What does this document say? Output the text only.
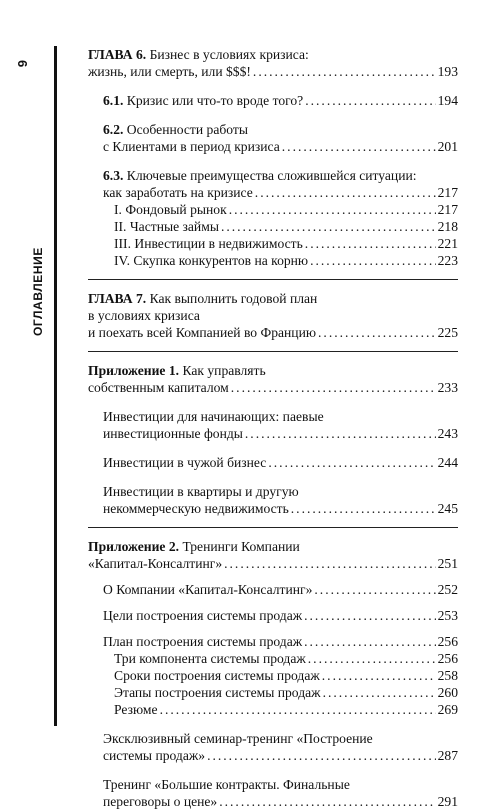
6
ОГЛАВЛЕНИЕ
ГЛАВА 6. Бизнес в условиях кризиса:
жизнь, или смерть, или $$$! .....	193
6.1. Кризис или что-то вроде того? .....	194
6.2. Особенности работы
с Клиентами в период кризиса .....	201
6.3. Ключевые преимущества сложившейся ситуации:
как заработать на кризисе .....	217
I. Фондовый рынок .....	217
II. Частные займы .....	218
III. Инвестиции в недвижимость .....	221
IV. Скупка конкурентов на корню .....	223
ГЛАВА 7. Как выполнить годовой план
в условиях кризиса
и поехать всей Компанией во Францию .....	225
Приложение 1. Как управлять
собственным капиталом .....	233
Инвестиции для начинающих: паевые
инвестиционные фонды .....	243
Инвестиции в чужой бизнес .....	244
Инвестиции в квартиры и другую
некоммерческую недвижимость .....	245
Приложение 2. Тренинги Компании
«Капитал-Консалтинг» .....	251
О Компании «Капитал-Консалтинг» .....	252
Цели построения системы продаж .....	253
План построения системы продаж .....	256
Три компонента системы продаж .....	256
Сроки построения системы продаж .....	258
Этапы построения системы продаж .....	260
Резюме .....	269
Эксклюзивный семинар-тренинг «Построение
системы продаж» .....	287
Тренинг «Большие контракты. Финальные
переговоры о цене» .....	291
